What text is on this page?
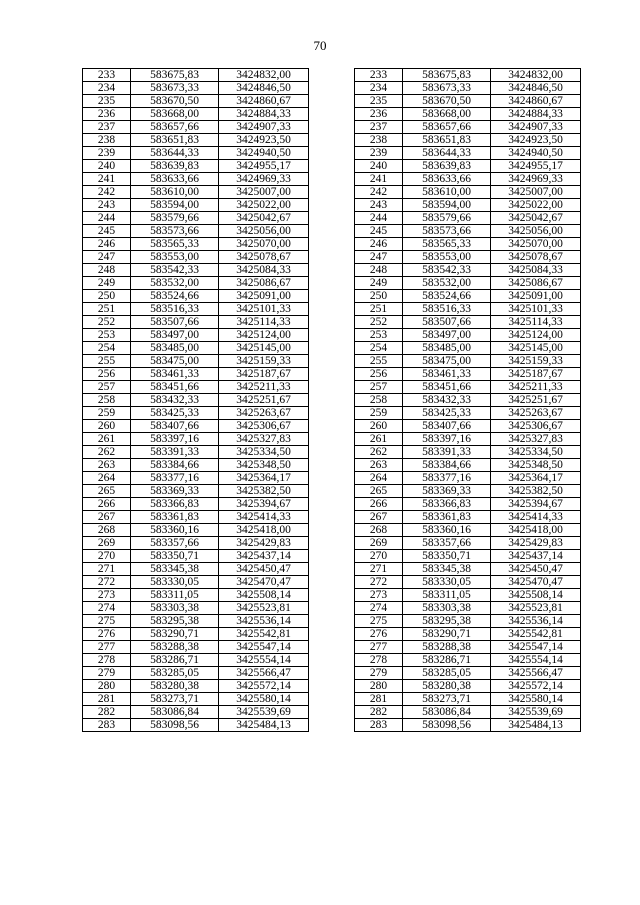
70
233	583675,83	3424832,00		233	583675,83	3424832,00
234	583673,33	3424846,50		234	583673,33	3424846,50
235	583670,50	3424860,67		235	583670,50	3424860,67
236	583668,00	3424884,33		236	583668,00	3424884,33
237	583657,66	3424907,33		237	583657,66	3424907,33
238	583651,83	3424923,50		238	583651,83	3424923,50
239	583644,33	3424940,50		239	583644,33	3424940,50
240	583639,83	3424955,17		240	583639,83	3424955,17
241	583633,66	3424969,33		241	583633,66	3424969,33
242	583610,00	3425007,00		242	583610,00	3425007,00
243	583594,00	3425022,00		243	583594,00	3425022,00
244	583579,66	3425042,67		244	583579,66	3425042,67
245	583573,66	3425056,00		245	583573,66	3425056,00
246	583565,33	3425070,00		246	583565,33	3425070,00
247	583553,00	3425078,67		247	583553,00	3425078,67
248	583542,33	3425084,33		248	583542,33	3425084,33
249	583532,00	3425086,67		249	583532,00	3425086,67
250	583524,66	3425091,00		250	583524,66	3425091,00
251	583516,33	3425101,33		251	583516,33	3425101,33
252	583507,66	3425114,33		252	583507,66	3425114,33
253	583497,00	3425124,00		253	583497,00	3425124,00
254	583485,00	3425145,00		254	583485,00	3425145,00
255	583475,00	3425159,33		255	583475,00	3425159,33
256	583461,33	3425187,67		256	583461,33	3425187,67
257	583451,66	3425211,33		257	583451,66	3425211,33
258	583432,33	3425251,67		258	583432,33	3425251,67
259	583425,33	3425263,67		259	583425,33	3425263,67
260	583407,66	3425306,67		260	583407,66	3425306,67
261	583397,16	3425327,83		261	583397,16	3425327,83
262	583391,33	3425334,50		262	583391,33	3425334,50
263	583384,66	3425348,50		263	583384,66	3425348,50
264	583377,16	3425364,17		264	583377,16	3425364,17
265	583369,33	3425382,50		265	583369,33	3425382,50
266	583366,83	3425394,67		266	583366,83	3425394,67
267	583361,83	3425414,33		267	583361,83	3425414,33
268	583360,16	3425418,00		268	583360,16	3425418,00
269	583357,66	3425429,83		269	583357,66	3425429,83
270	583350,71	3425437,14		270	583350,71	3425437,14
271	583345,38	3425450,47		271	583345,38	3425450,47
272	583330,05	3425470,47		272	583330,05	3425470,47
273	583311,05	3425508,14		273	583311,05	3425508,14
274	583303,38	3425523,81		274	583303,38	3425523,81
275	583295,38	3425536,14		275	583295,38	3425536,14
276	583290,71	3425542,81		276	583290,71	3425542,81
277	583288,38	3425547,14		277	583288,38	3425547,14
278	583286,71	3425554,14		278	583286,71	3425554,14
279	583285,05	3425566,47		279	583285,05	3425566,47
280	583280,38	3425572,14		280	583280,38	3425572,14
281	583273,71	3425580,14		281	583273,71	3425580,14
282	583086,84	3425539,69		282	583086,84	3425539,69
283	583098,56	3425484,13		283	583098,56	3425484,13
